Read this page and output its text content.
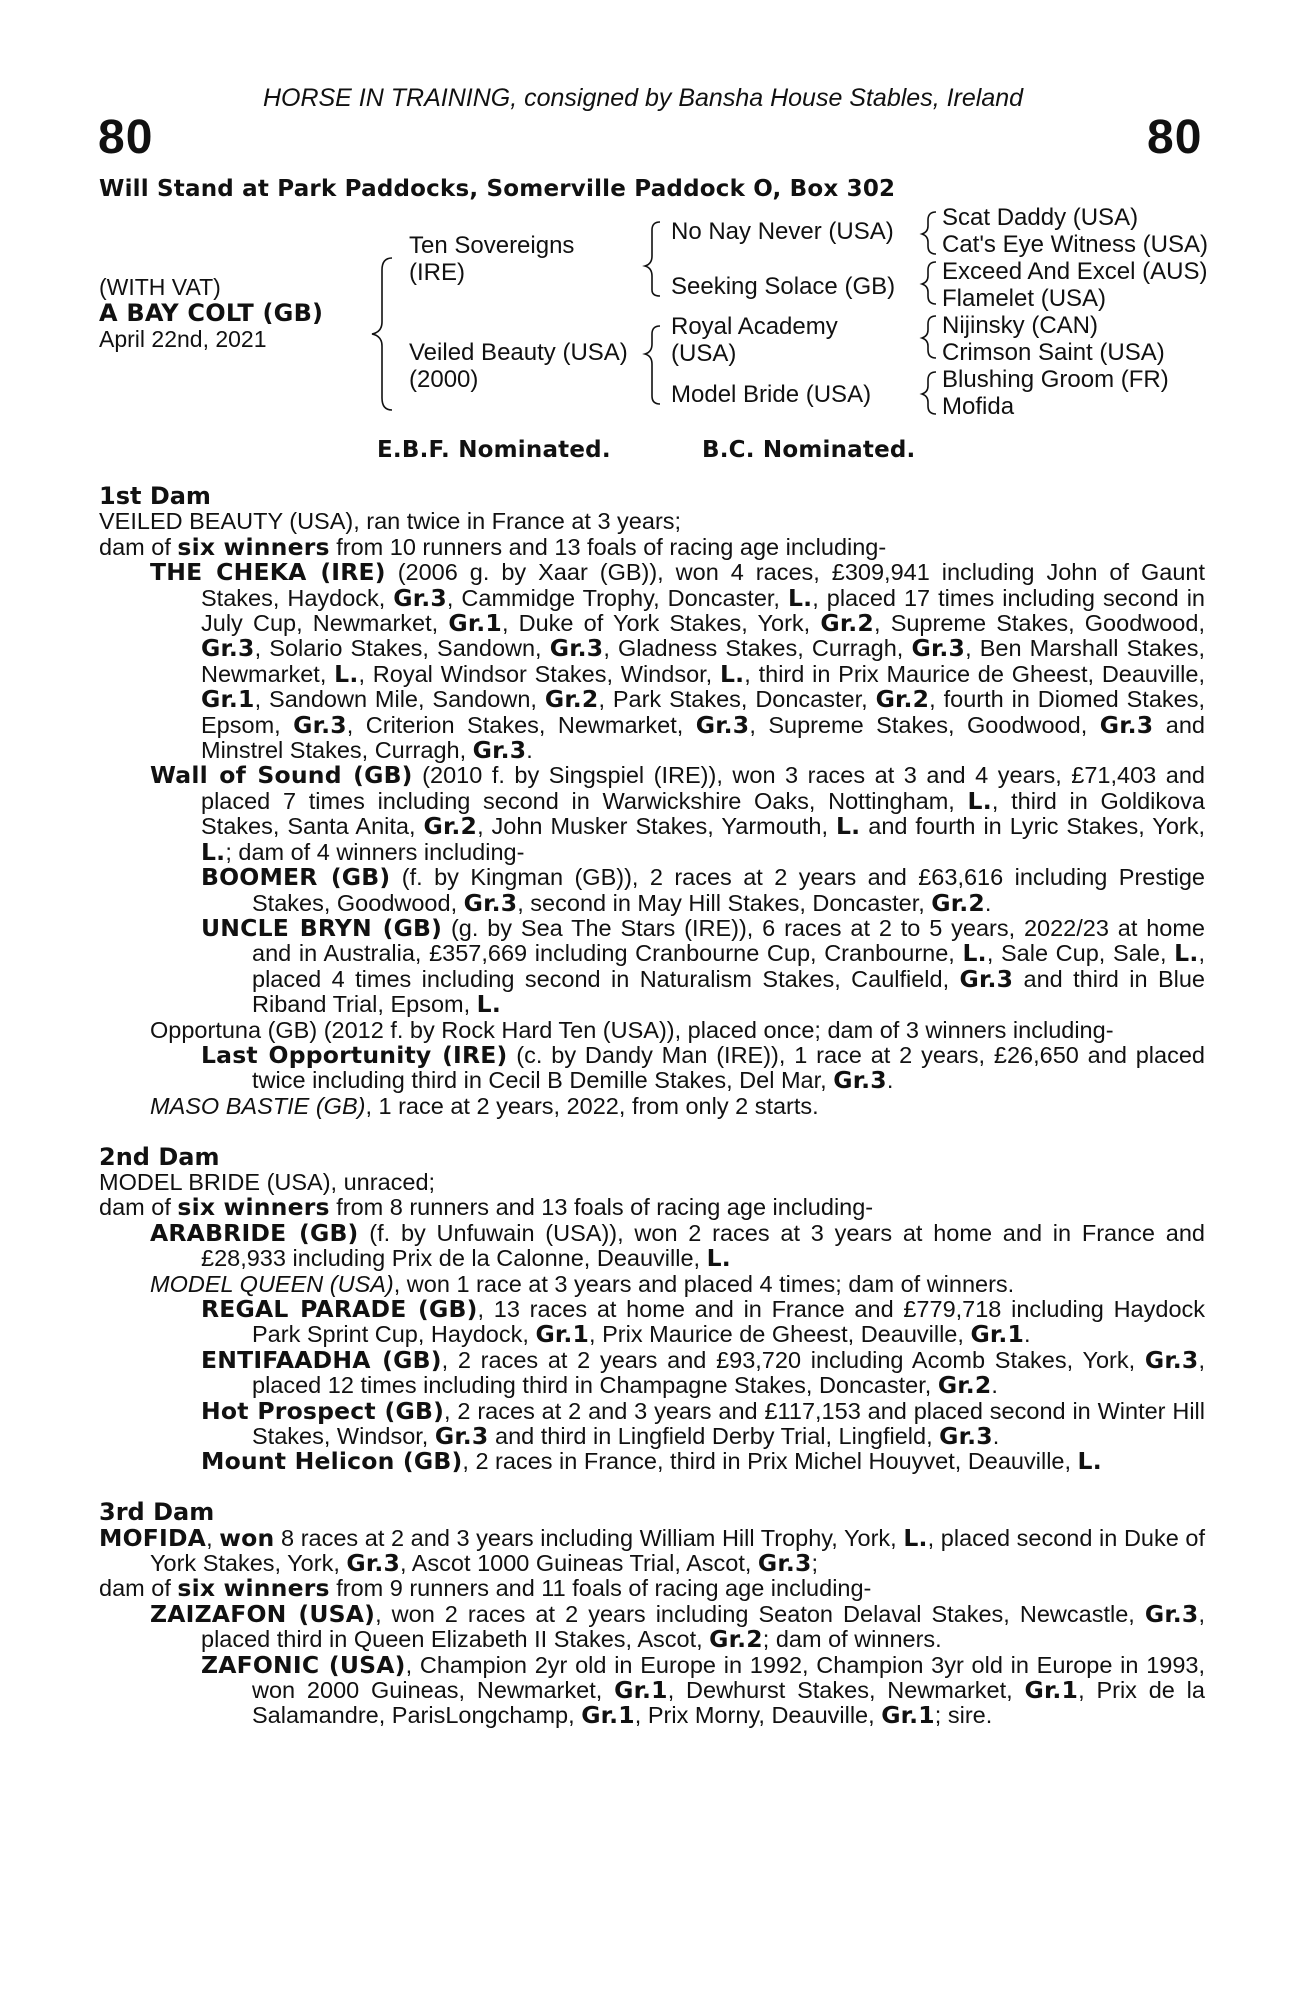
HORSE IN TRAINING, consigned by Bansha House Stables, Ireland
80	80
Will Stand at Park Paddocks, Somerville Paddock O, Box 302
(WITH VAT)
A BAY COLT (GB)
April 22nd, 2021
Ten Sovereigns
(IRE)
Veiled Beauty (USA)
(2000)
No Nay Never (USA)
Seeking Solace (GB)
Royal Academy
(USA)
Model Bride (USA)
Scat Daddy (USA)
Cat's Eye Witness (USA)
Exceed And Excel (AUS)
Flamelet (USA)
Nijinsky (CAN)
Crimson Saint (USA)
Blushing Groom (FR)
Mofida
E.B.F. Nominated.	B.C. Nominated.
1st Dam
VEILED BEAUTY (USA), ran twice in France at 3 years;
dam of six winners from 10 runners and 13 foals of racing age including-
THE CHEKA (IRE) (2006 g. by Xaar (GB)), won 4 races, £309,941 including John of Gaunt Stakes, Haydock, Gr.3, Cammidge Trophy, Doncaster, L., placed 17 times including second in July Cup, Newmarket, Gr.1, Duke of York Stakes, York, Gr.2, Supreme Stakes, Goodwood, Gr.3, Solario Stakes, Sandown, Gr.3, Gladness Stakes, Curragh, Gr.3, Ben Marshall Stakes, Newmarket, L., Royal Windsor Stakes, Windsor, L., third in Prix Maurice de Gheest, Deauville, Gr.1, Sandown Mile, Sandown, Gr.2, Park Stakes, Doncaster, Gr.2, fourth in Diomed Stakes, Epsom, Gr.3, Criterion Stakes, Newmarket, Gr.3, Supreme Stakes, Goodwood, Gr.3 and Minstrel Stakes, Curragh, Gr.3.
Wall of Sound (GB) (2010 f. by Singspiel (IRE)), won 3 races at 3 and 4 years, £71,403 and placed 7 times including second in Warwickshire Oaks, Nottingham, L., third in Goldikova Stakes, Santa Anita, Gr.2, John Musker Stakes, Yarmouth, L. and fourth in Lyric Stakes, York, L.; dam of 4 winners including-
BOOMER (GB) (f. by Kingman (GB)), 2 races at 2 years and £63,616 including Prestige Stakes, Goodwood, Gr.3, second in May Hill Stakes, Doncaster, Gr.2.
UNCLE BRYN (GB) (g. by Sea The Stars (IRE)), 6 races at 2 to 5 years, 2022/23 at home and in Australia, £357,669 including Cranbourne Cup, Cranbourne, L., Sale Cup, Sale, L., placed 4 times including second in Naturalism Stakes, Caulfield, Gr.3 and third in Blue Riband Trial, Epsom, L.
Opportuna (GB) (2012 f. by Rock Hard Ten (USA)), placed once; dam of 3 winners including-
Last Opportunity (IRE) (c. by Dandy Man (IRE)), 1 race at 2 years, £26,650 and placed twice including third in Cecil B Demille Stakes, Del Mar, Gr.3.
MASO BASTIE (GB), 1 race at 2 years, 2022, from only 2 starts.
2nd Dam
MODEL BRIDE (USA), unraced;
dam of six winners from 8 runners and 13 foals of racing age including-
ARABRIDE (GB) (f. by Unfuwain (USA)), won 2 races at 3 years at home and in France and £28,933 including Prix de la Calonne, Deauville, L.
MODEL QUEEN (USA), won 1 race at 3 years and placed 4 times; dam of winners.
REGAL PARADE (GB), 13 races at home and in France and £779,718 including Haydock Park Sprint Cup, Haydock, Gr.1, Prix Maurice de Gheest, Deauville, Gr.1.
ENTIFAADHA (GB), 2 races at 2 years and £93,720 including Acomb Stakes, York, Gr.3, placed 12 times including third in Champagne Stakes, Doncaster, Gr.2.
Hot Prospect (GB), 2 races at 2 and 3 years and £117,153 and placed second in Winter Hill Stakes, Windsor, Gr.3 and third in Lingfield Derby Trial, Lingfield, Gr.3.
Mount Helicon (GB), 2 races in France, third in Prix Michel Houyvet, Deauville, L.
3rd Dam
MOFIDA, won 8 races at 2 and 3 years including William Hill Trophy, York, L., placed second in Duke of York Stakes, York, Gr.3, Ascot 1000 Guineas Trial, Ascot, Gr.3;
dam of six winners from 9 runners and 11 foals of racing age including-
ZAIZAFON (USA), won 2 races at 2 years including Seaton Delaval Stakes, Newcastle, Gr.3, placed third in Queen Elizabeth II Stakes, Ascot, Gr.2; dam of winners.
ZAFONIC (USA), Champion 2yr old in Europe in 1992, Champion 3yr old in Europe in 1993, won 2000 Guineas, Newmarket, Gr.1, Dewhurst Stakes, Newmarket, Gr.1, Prix de la Salamandre, ParisLongchamp, Gr.1, Prix Morny, Deauville, Gr.1; sire.
